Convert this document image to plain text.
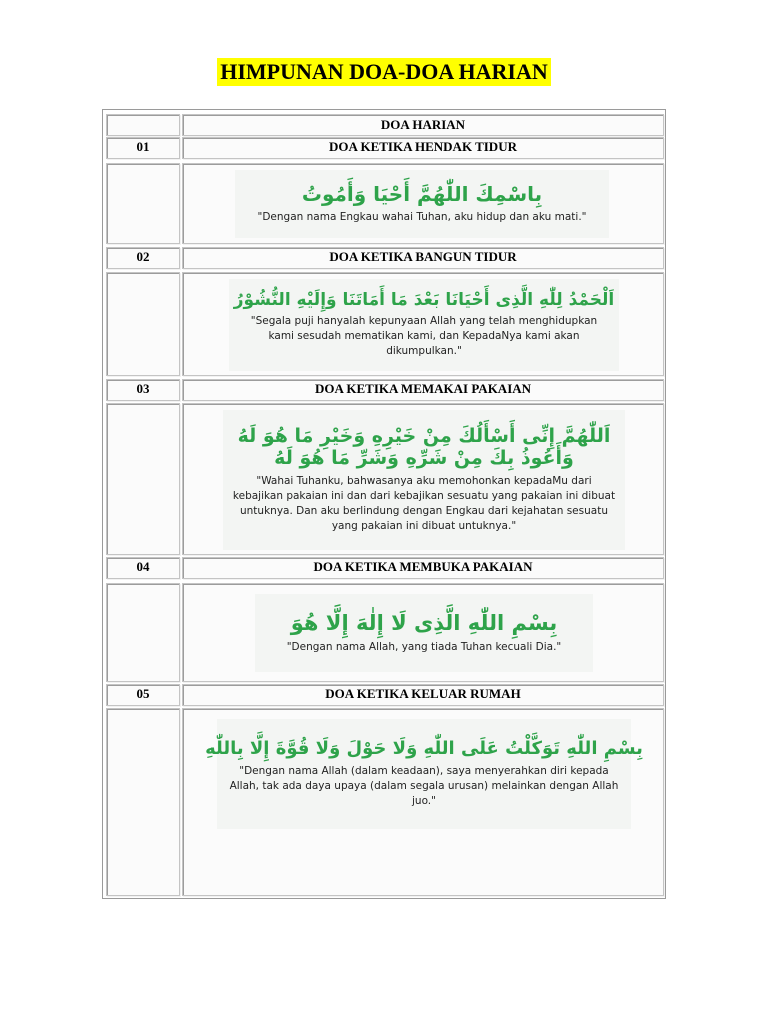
HIMPUNAN DOA-DOA HARIAN
DOA HARIAN
01	DOA KETIKA HENDAK TIDUR
بِاسْمِكَ اللّٰهُمَّ أَحْيَا وَأَمُوتُ
"Dengan nama Engkau wahai Tuhan, aku hidup dan aku mati."
02	DOA KETIKA BANGUN TIDUR
اَلْحَمْدُ لِلّٰهِ الَّذِى أَحْيَانَا بَعْدَ مَا أَمَاتَنَا وَإِلَيْهِ النُّشُوْرُ
"Segala puji hanyalah kepunyaan Allah yang telah menghidupkan kami sesudah mematikan kami, dan KepadaNya kami akan dikumpulkan."
03	DOA KETIKA MEMAKAI PAKAIAN
اَللّٰهُمَّ إِنِّى أَسْأَلُكَ مِنْ خَيْرِهِ وَخَيْرِ مَا هُوَ لَهُ
وَأَعُوذُ بِكَ مِنْ شَرِّهِ وَشَرِّ مَا هُوَ لَهُ
"Wahai Tuhanku, bahwasanya aku memohonkan kepadaMu dari kebajikan pakaian ini dan dari kebajikan sesuatu yang pakaian ini dibuat untuknya. Dan aku berlindung dengan Engkau dari kejahatan sesuatu yang pakaian ini dibuat untuknya."
04	DOA KETIKA MEMBUKA PAKAIAN
بِسْمِ اللّٰهِ الَّذِى لَا إِلٰهَ إِلَّا هُوَ
"Dengan nama Allah, yang tiada Tuhan kecuali Dia."
05	DOA KETIKA KELUAR RUMAH
بِسْمِ اللّٰهِ تَوَكَّلْتُ عَلَى اللّٰهِ وَلَا حَوْلَ وَلَا قُوَّةَ إِلَّا بِاللّٰهِ
"Dengan nama Allah (dalam keadaan), saya menyerahkan diri kepada Allah, tak ada daya upaya (dalam segala urusan) melainkan dengan Allah juo."
